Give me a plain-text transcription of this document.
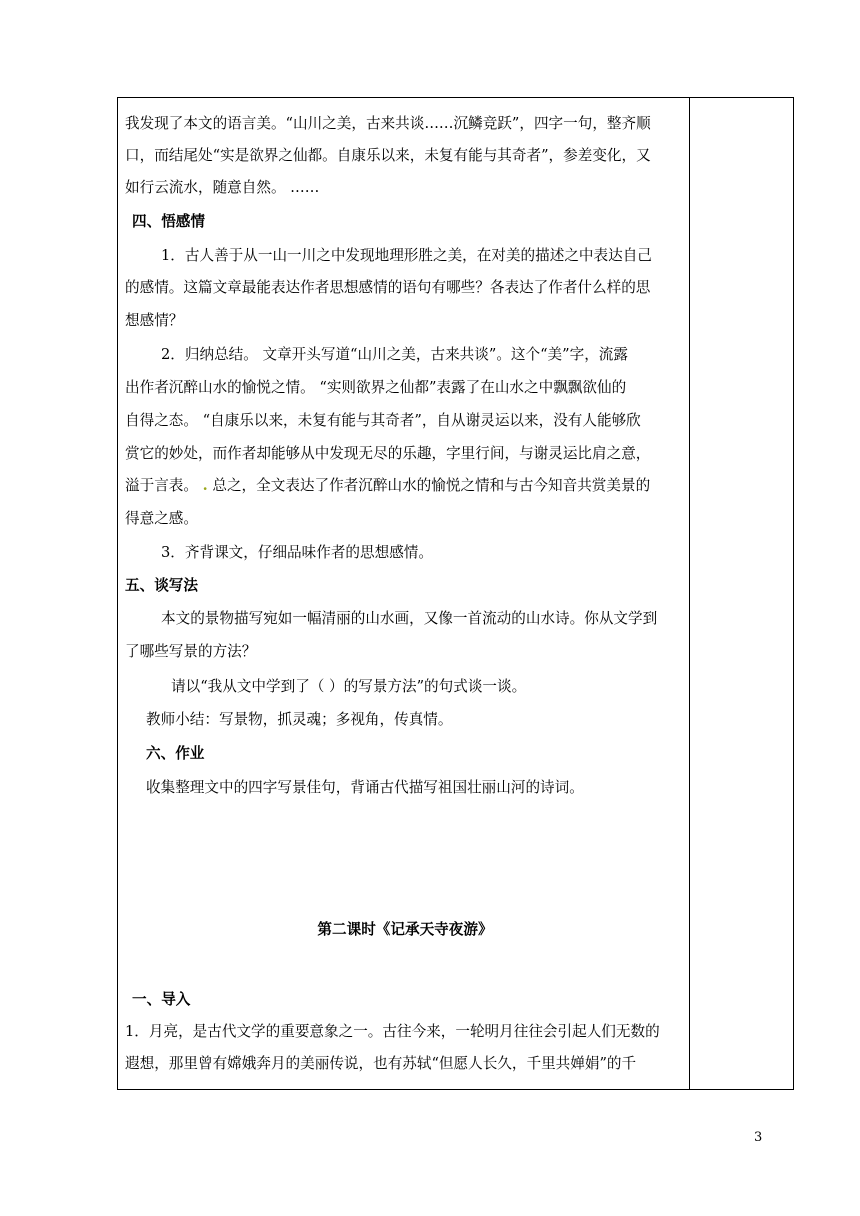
我发现了本文的语言美。“山川之美，古来共谈……沉鳞竞跃”，四字一句，整齐顺
口，而结尾处“实是欲界之仙都。自康乐以来，未复有能与其奇者”，参差变化，又
如行云流水，随意自然。 ……
四、悟感情
1．古人善于从一山一川之中发现地理形胜之美，在对美的描述之中表达自己
的感情。这篇文章最能表达作者思想感情的语句有哪些？各表达了作者什么样的思
想感情？
2．归纳总结。 文章开头写道“山川之美，古来共谈”。这个“美”字，流露
出作者沉醉山水的愉悦之情。 “实则欲界之仙都”表露了在山水之中飘飘欲仙的
自得之态。 “自康乐以来，未复有能与其奇者”，自从谢灵运以来，没有人能够欣
赏它的妙处，而作者却能够从中发现无尽的乐趣，字里行间，与谢灵运比肩之意，
溢于言表。 . 总之，全文表达了作者沉醉山水的愉悦之情和与古今知音共赏美景的
得意之感。
3．齐背课文，仔细品味作者的思想感情。
五、谈写法
本文的景物描写宛如一幅清丽的山水画，又像一首流动的山水诗。你从文学到
了哪些写景的方法？
请以“我从文中学到了（ ）的写景方法”的句式谈一谈。
教师小结：写景物，抓灵魂；多视角，传真情。
六、作业
收集整理文中的四字写景佳句，背诵古代描写祖国壮丽山河的诗词。
第二课时《记承天寺夜游》
一、导入
1．月亮，是古代文学的重要意象之一。古往今来，一轮明月往往会引起人们无数的
遐想，那里曾有嫦娥奔月的美丽传说，也有苏轼“但愿人长久，千里共婵娟”的千
3
